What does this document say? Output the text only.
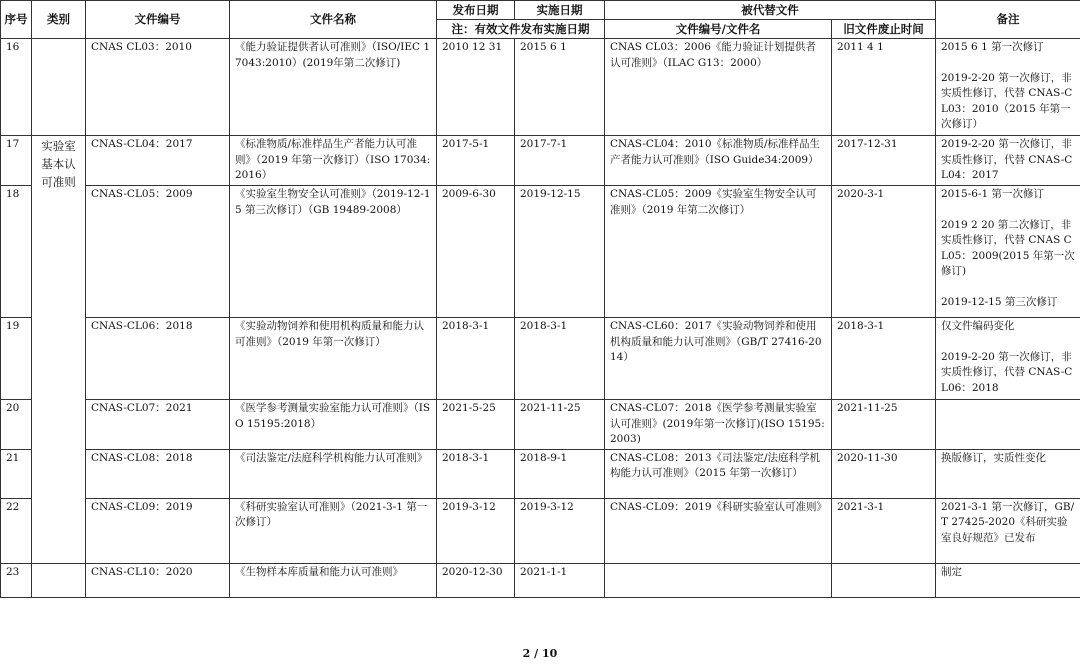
序号	类别	文件编号	文件名称	发布日期	实施日期	被代替文件		备注
				注：有效文件发布实施日期		文件编号/文件名	旧文件废止时间	
16		CNAS CL03：2010	《能力验证提供者认可准则》（ISO/IEC 17043:2010）(2019年第二次修订)	2010 12 31	2015 6 1	CNAS CL03：2006《能力验证计划提供者认可准则》（ILAC G13：2000）	2011 4 1	2015 6 1 第一次修订
2019-2-20 第一次修订，非实质性修订，代替 CNAS-CL03：2010（2015 年第一次修订）

17	实验室基本认可准则	CNAS-CL04：2017	《标准物质/标准样品生产者能力认可准则》（2019 年第一次修订）（ISO 17034:2016）	2017-5-1	2017-7-1	CNAS-CL04：2010《标准物质/标准样品生产者能力认可准则》（ISO Guide34:2009）	2017-12-31	2019-2-20 第一次修订，非实质性修订，代替 CNAS-CL04：2017

18		CNAS-CL05：2009	《实验室生物安全认可准则》（2019-12-15 第三次修订）（GB 19489-2008）	2009-6-30	2019-12-15	CNAS-CL05：2009《实验室生物安全认可准则》（2019 年第二次修订）	2020-3-1	2015-6-1 第一次修订
2019 2 20 第二次修订，非实质性修订，代替 CNAS CL05：2009(2015 年第一次修订)
2019-12-15 第三次修订

19		CNAS-CL06：2018	《实验动物饲养和使用机构质量和能力认可准则》（2019 年第一次修订）	2018-3-1	2018-3-1	CNAS-CL60：2017《实验动物饲养和使用机构质量和能力认可准则》（GB/T 27416-2014）	2018-3-1	仅文件编码变化
2019-2-20 第一次修订，非实质性修订，代替 CNAS-CL06：2018

20		CNAS-CL07：2021	《医学参考测量实验室能力认可准则》（ISO 15195:2018）	2021-5-25	2021-11-25	CNAS-CL07：2018《医学参考测量实验室认可准则》(2019年第一次修订)(ISO 15195:2003)	2021-11-25	
21		CNAS-CL08：2018	《司法鉴定/法庭科学机构能力认可准则》	2018-3-1	2018-9-1	CNAS-CL08：2013《司法鉴定/法庭科学机构能力认可准则》（2015 年第一次修订）	2020-11-30	换版修订，实质性变化

22		CNAS-CL09：2019	《科研实验室认可准则》（2021-3-1 第一次修订）	2019-3-12	2019-3-12	CNAS-CL09：2019《科研实验室认可准则》	2021-3-1	2021-3-1 第一次修订，GB/T 27425-2020《科研实验室良好规范》已发布

23		CNAS-CL10：2020	《生物样本库质量和能力认可准则》	2020-12-30	2021-1-1			制定
2 / 10
